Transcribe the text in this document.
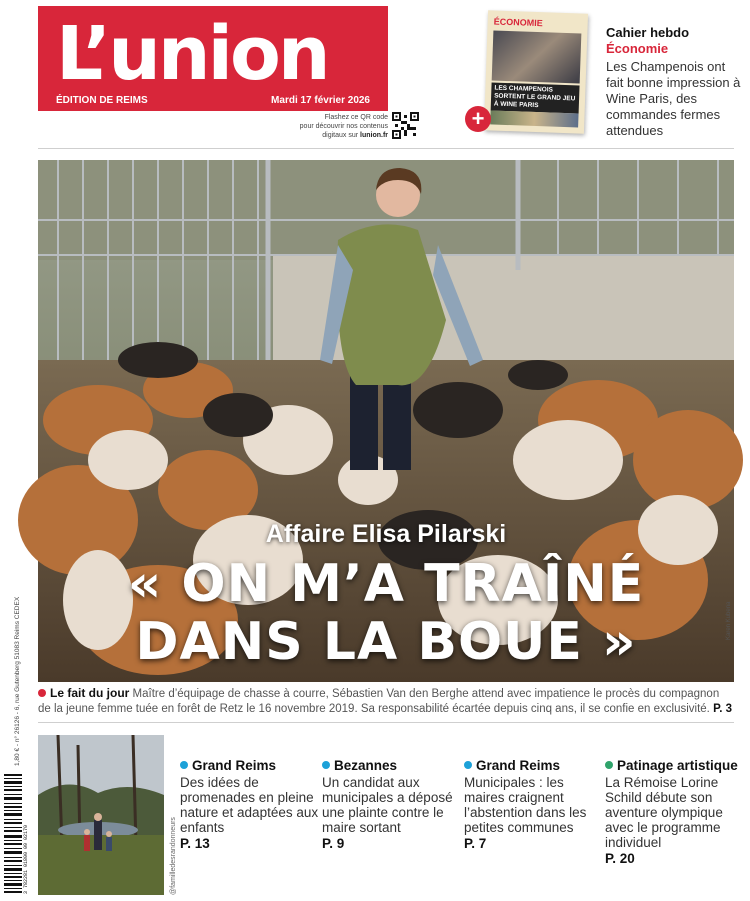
L’union
ÉDITION DE REIMS	Mardi 17 février 2026
Flashez ce QR code
pour découvrir nos contenus
digitaux sur lunion.fr
ÉCONOMIE
LES CHAMPENOIS SORTENT LE GRAND JEU À WINE PARIS
+
Cahier hebdo
Économie
Les Champenois ont fait bonne impression à Wine Paris, des commandes fermes attendues
Affaire Elisa Pilarski
« ON M’A TRAÎNÉ
DANS LA BOUE »	Karen Kubena
Le fait du jour Maître d’équipage de chasse à courre, Sébastien Van den Berghe attend avec impatience le procès du compagnon de la jeune femme tuée en forêt de Retz le 16 novembre 2019. Sa responsabilité écartée depuis cinq ans, il se confie en exclusivité. P. 3
@familledesrandonneurs
Grand Reims

Des idées de promenades en pleine nature et adaptées aux enfants

P. 13
Bezannes

Un candidat aux municipales a déposé une plainte contre le maire sortant

P. 9
Grand Reims

Municipales : les maires craignent l’abstention dans les petites communes

P. 7
Patinage artistique

La Rémoise Lorine Schild débute son aventure olympique avec le programme individuel

P. 20
1,80 € - n° 26126 - 6, rue Gutenberg 51083 Reims CEDEX
3 782281 01800 09 02170
